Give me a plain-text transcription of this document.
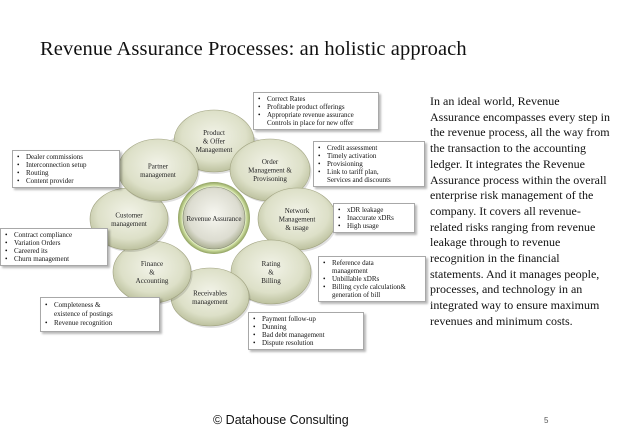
Revenue Assurance Processes: an holistic approach
Revenue Assurance
Product
& Offer
Management
Order
Management &
Provisoning
Network
Management
& usage
Rating
&
Billing
Receivables
management
Finance
&
Accounting
Customer
management
Partner
management
• Correct Rates
• Profitable product offerings
• Appropriate revenue assurance
Controls in place for new offer
• Credit assessment
• Timely activation
• Provisioning
• Link to tariff plan,
Services and discounts
• xDR leakage
• Inaccurate xDRs
• High usage
• Reference data
management
• Unbillable xDRs
• Billing cycle calculation&
generation of bill
• Payment follow-up
• Dunning
• Bad debt management
• Dispute resolution
• Completeness &
existence of postings
• Revenue recognition
• Contract compliance
• Variation Orders
• Careered its
• Churn management
• Dealer commissions
• Interconnection setup
• Routing
• Content provider
In an ideal world, Revenue Assurance encompasses every step in the revenue process, all the way from the transaction to the accounting ledger. It integrates the Revenue Assurance process within the overall enterprise risk management of the company. It covers all revenue-related risks ranging from revenue leakage through to revenue recognition in the financial statements. And it manages people, processes, and technology in an integrated way to ensure maximum revenues and minimum costs.
© Datahouse Consulting	5
